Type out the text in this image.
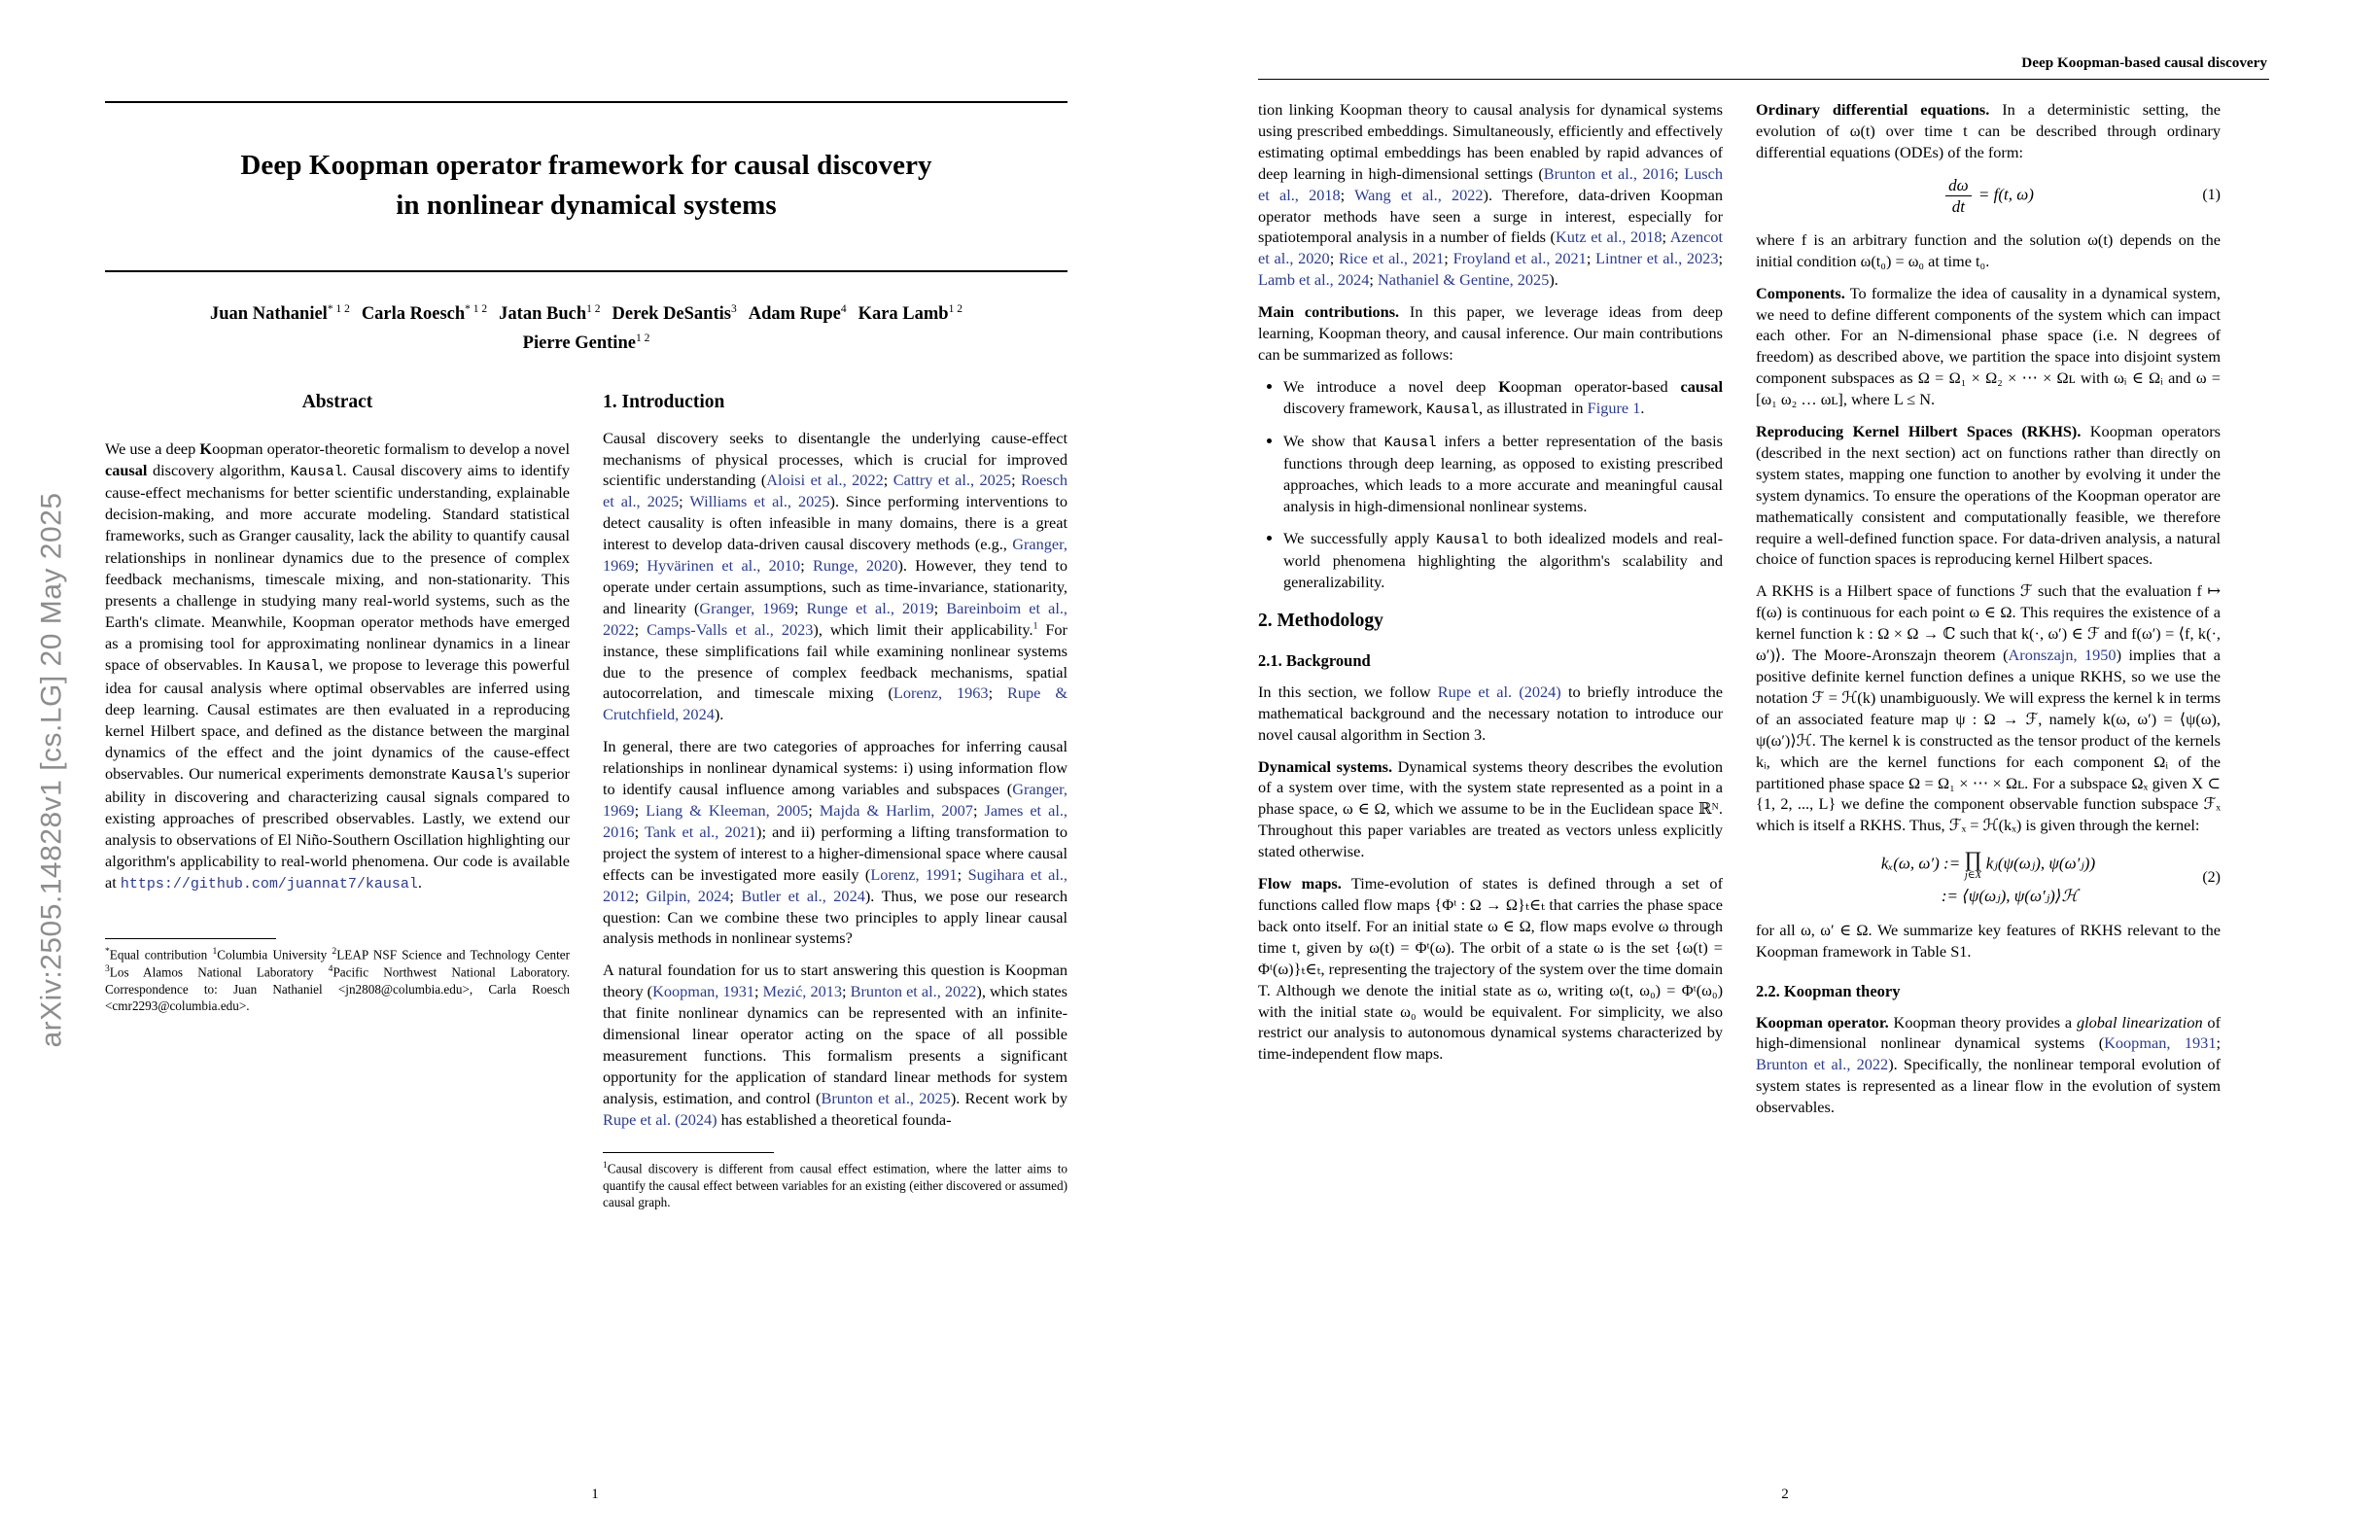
arXiv:2505.14828v1 [cs.LG] 20 May 2025
Deep Koopman operator framework for causal discovery
in nonlinear dynamical systems
Juan Nathaniel$^{* 1 2}$ Carla Roesch$^{* 1 2}$ Jatan Buch$^{1 2}$ Derek DeSantis$^3$ Adam Rupe$^4$ Kara Lamb$^{1 2}$
Pierre Gentine$^{1 2}$
Abstract

We use a deep Koopman operator-theoretic formalism to develop a novel causal discovery algorithm, Kausal. Causal discovery aims to identify cause-effect mechanisms for better scientific understanding, explainable decision-making, and more accurate modeling. Standard statistical frameworks, such as Granger causality, lack the ability to quantify causal relationships in nonlinear dynamics due to the presence of complex feedback mechanisms, timescale mixing, and non-stationarity. This presents a challenge in studying many real-world systems, such as the Earth's climate. Meanwhile, Koopman operator methods have emerged as a promising tool for approximating nonlinear dynamics in a linear space of observables. In Kausal, we propose to leverage this powerful idea for causal analysis where optimal observables are inferred using deep learning. Causal estimates are then evaluated in a reproducing kernel Hilbert space, and defined as the distance between the marginal dynamics of the effect and the joint dynamics of the cause-effect observables. Our numerical experiments demonstrate Kausal's superior ability in discovering and characterizing causal signals compared to existing approaches of prescribed observables. Lastly, we extend our analysis to observations of El Niño-Southern Oscillation highlighting our algorithm's applicability to real-world phenomena. Our code is available at https://github.com/juannat7/kausal.

*Equal contribution $^1$Columbia University $^2$LEAP NSF Science and Technology Center $^3$Los Alamos National Laboratory $^4$Pacific Northwest National Laboratory. Correspondence to: Juan Nathaniel <jn2808@columbia.edu>, Carla Roesch <cmr2293@columbia.edu>.

1. Introduction

Causal discovery seeks to disentangle the underlying cause-effect mechanisms of physical processes, which is crucial for improved scientific understanding (Aloisi et al., 2022; Cattry et al., 2025; Roesch et al., 2025; Williams et al., 2025). Since performing interventions to detect causality is often infeasible in many domains, there is a great interest to develop data-driven causal discovery methods (e.g., Granger, 1969; Hyvärinen et al., 2010; Runge, 2020). However, they tend to operate under certain assumptions, such as time-invariance, stationarity, and linearity (Granger, 1969; Runge et al., 2019; Bareinboim et al., 2022; Camps-Valls et al., 2023), which limit their applicability.$^1$ For instance, these simplifications fail while examining nonlinear systems due to the presence of complex feedback mechanisms, spatial autocorrelation, and timescale mixing (Lorenz, 1963; Rupe & Crutchfield, 2024).

In general, there are two categories of approaches for inferring causal relationships in nonlinear dynamical systems: i) using information flow to identify causal influence among variables and subspaces (Granger, 1969; Liang & Kleeman, 2005; Majda & Harlim, 2007; James et al., 2016; Tank et al., 2021); and ii) performing a lifting transformation to project the system of interest to a higher-dimensional space where causal effects can be investigated more easily (Lorenz, 1991; Sugihara et al., 2012; Gilpin, 2024; Butler et al., 2024). Thus, we pose our research question: Can we combine these two principles to apply linear causal analysis methods in nonlinear systems?

A natural foundation for us to start answering this question is Koopman theory (Koopman, 1931; Mezić, 2013; Brunton et al., 2022), which states that finite nonlinear dynamics can be represented with an infinite-dimensional linear operator acting on the space of all possible measurement functions. This formalism presents a significant opportunity for the application of standard linear methods for system analysis, estimation, and control (Brunton et al., 2025). Recent work by Rupe et al. (2024) has established a theoretical founda-

$^1$Causal discovery is different from causal effect estimation, where the latter aims to quantify the causal effect between variables for an existing (either discovered or assumed) causal graph.

1
Deep Koopman-based causal discovery

tion linking Koopman theory to causal analysis for dynamical systems using prescribed embeddings. Simultaneously, efficiently and effectively estimating optimal embeddings has been enabled by rapid advances of deep learning in high-dimensional settings (Brunton et al., 2016; Lusch et al., 2018; Wang et al., 2022). Therefore, data-driven Koopman operator methods have seen a surge in interest, especially for spatiotemporal analysis in a number of fields (Kutz et al., 2018; Azencot et al., 2020; Rice et al., 2021; Froyland et al., 2021; Lintner et al., 2023; Lamb et al., 2024; Nathaniel & Gentine, 2025).

Main contributions. In this paper, we leverage ideas from deep learning, Koopman theory, and causal inference. Our main contributions can be summarized as follows:

• We introduce a novel deep Koopman operator-based causal discovery framework, Kausal, as illustrated in Figure 1.
• We show that Kausal infers a better representation of the basis functions through deep learning, as opposed to existing prescribed approaches, which leads to a more accurate and meaningful causal analysis in high-dimensional nonlinear systems.
• We successfully apply Kausal to both idealized models and real-world phenomena highlighting the algorithm's scalability and generalizability.
2. Methodology
2.1. Background

In this section, we follow Rupe et al. (2024) to briefly introduce the mathematical background and the necessary notation to introduce our novel causal algorithm in Section 3.

Dynamical systems. Dynamical systems theory describes the evolution of a system over time, with the system state represented as a point in a phase space, ω ∈ Ω, which we assume to be in the Euclidean space ℝᴺ. Throughout this paper variables are treated as vectors unless explicitly stated otherwise.

Flow maps. Time-evolution of states is defined through a set of functions called flow maps {Φᵗ : Ω → Ω}ₜ∈ₜ that carries the phase space back onto itself. For an initial state ω ∈ Ω, flow maps evolve ω through time t, given by ω(t) = Φᵗ(ω). The orbit of a state ω is the set {ω(t) = Φᵗ(ω)}ₜ∈ₜ, representing the trajectory of the system over the time domain T. Although we denote the initial state as ω, writing ω(t, ω₀) = Φᵗ(ω₀) with the initial state ω₀ would be equivalent. For simplicity, we also restrict our analysis to autonomous dynamical systems characterized by time-independent flow maps.

Ordinary differential equations. In a deterministic setting, the evolution of ω(t) over time t can be described through ordinary differential equations (ODEs) of the form:

$\frac{d\omega}{dt} = f(t$, ω)	(1)

where f is an arbitrary function and the solution ω(t) depends on the initial condition ω(t₀) = ω₀ at time t₀.

Components. To formalize the idea of causality in a dynamical system, we need to define different components of the system which can impact each other. For an N-dimensional phase space (i.e. N degrees of freedom) as described above, we partition the space into disjoint system component subspaces as Ω = Ω₁ × Ω₂ × ⋯ × Ωʟ with ωᵢ ∈ Ωᵢ and ω = [ω₁ ω₂ … ωʟ], where L ≤ N.

Reproducing Kernel Hilbert Spaces (RKHS). Koopman operators (described in the next section) act on functions rather than directly on system states, mapping one function to another by evolving it under the system dynamics. To ensure the operations of the Koopman operator are mathematically consistent and computationally feasible, we therefore require a well-defined function space. For data-driven analysis, a natural choice of function spaces is reproducing kernel Hilbert spaces.

A RKHS is a Hilbert space of functions ℱ such that the evaluation f ↦ f(ω) is continuous for each point ω ∈ Ω. This requires the existence of a kernel function k : Ω × Ω → ℂ such that k(·, ω′) ∈ ℱ and f(ω′) = ⟨f, k(·, ω′)⟩. The Moore-Aronszajn theorem (Aronszajn, 1950) implies that a positive definite kernel function defines a unique RKHS, so we use the notation ℱ = ℋ(k) unambiguously. We will express the kernel k in terms of an associated feature map ψ : Ω → ℱ, namely k(ω, ω′) = ⟨ψ(ω), ψ(ω′)⟩ℋ. The kernel k is constructed as the tensor product of the kernels kᵢ, which are the kernel functions for each component Ωᵢ of the partitioned phase space Ω = Ω₁ × ⋯ × Ωʟ. For a subspace Ωₓ given X ⊂ {1, 2, ..., L} we define the component observable function subspace ℱₓ which is itself a RKHS. Thus, ℱₓ = ℋ(kₓ) is given through the kernel:

kₓ(ω, ω′) := ∏
j∈X
kⱼ(ψ(ωⱼ), ψ(ω′ⱼ))
:= ⟨ψ(ωⱼ), ψ(ω′ⱼ)⟩ℋ
(2)

for all ω, ω′ ∈ Ω. We summarize key features of RKHS relevant to the Koopman framework in Table S1.

2.2. Koopman theory

Koopman operator. Koopman theory provides a global linearization of high-dimensional nonlinear dynamical systems (Koopman, 1931; Brunton et al., 2022). Specifically, the nonlinear temporal evolution of system states is represented as a linear flow in the evolution of system observables.

2
